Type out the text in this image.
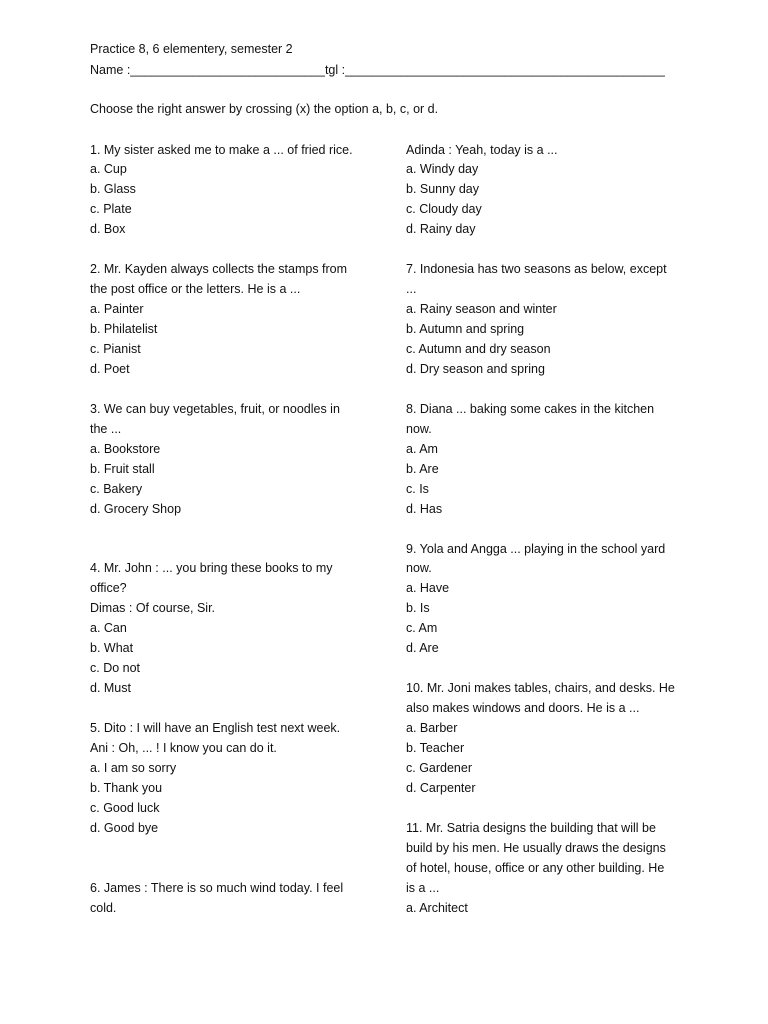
Practice 8, 6 elementery, semester 2
Name :____________________________tgl :______________________________________________
Choose the right answer by crossing (x) the option a, b, c, or d.
1. My sister asked me to make a ... of fried rice.
a. Cup
b. Glass
c. Plate
d. Box
2. Mr. Kayden always collects the stamps from
the post office or the letters. He is a ...
a. Painter
b. Philatelist
c. Pianist
d. Poet
3. We can buy vegetables, fruit, or noodles in
the ...
a. Bookstore
b. Fruit stall
c. Bakery
d. Grocery Shop
4. Mr. John : ... you bring these books to my
office?
Dimas : Of course, Sir.
a. Can
b. What
c. Do not
d. Must
5. Dito : I will have an English test next week.
Ani : Oh, ... ! I know you can do it.
a. I am so sorry
b. Thank you
c. Good luck
d. Good bye
6. James : There is so much wind today. I feel
cold.
Adinda : Yeah, today is a ...
a. Windy day
b. Sunny day
c. Cloudy day
d. Rainy day
7. Indonesia has two seasons as below, except
...
a. Rainy season and winter
b. Autumn and spring
c. Autumn and dry season
d. Dry season and spring
8. Diana ... baking some cakes in the kitchen
now.
a. Am
b. Are
c. Is
d. Has
9. Yola and Angga ... playing in the school yard
now.
a. Have
b. Is
c. Am
d. Are
10. Mr. Joni makes tables, chairs, and desks. He
also makes windows and doors. He is a ...
a. Barber
b. Teacher
c. Gardener
d. Carpenter
11. Mr. Satria designs the building that will be
build by his men. He usually draws the designs
of hotel, house, office or any other building. He
is a ...
a. Architect
